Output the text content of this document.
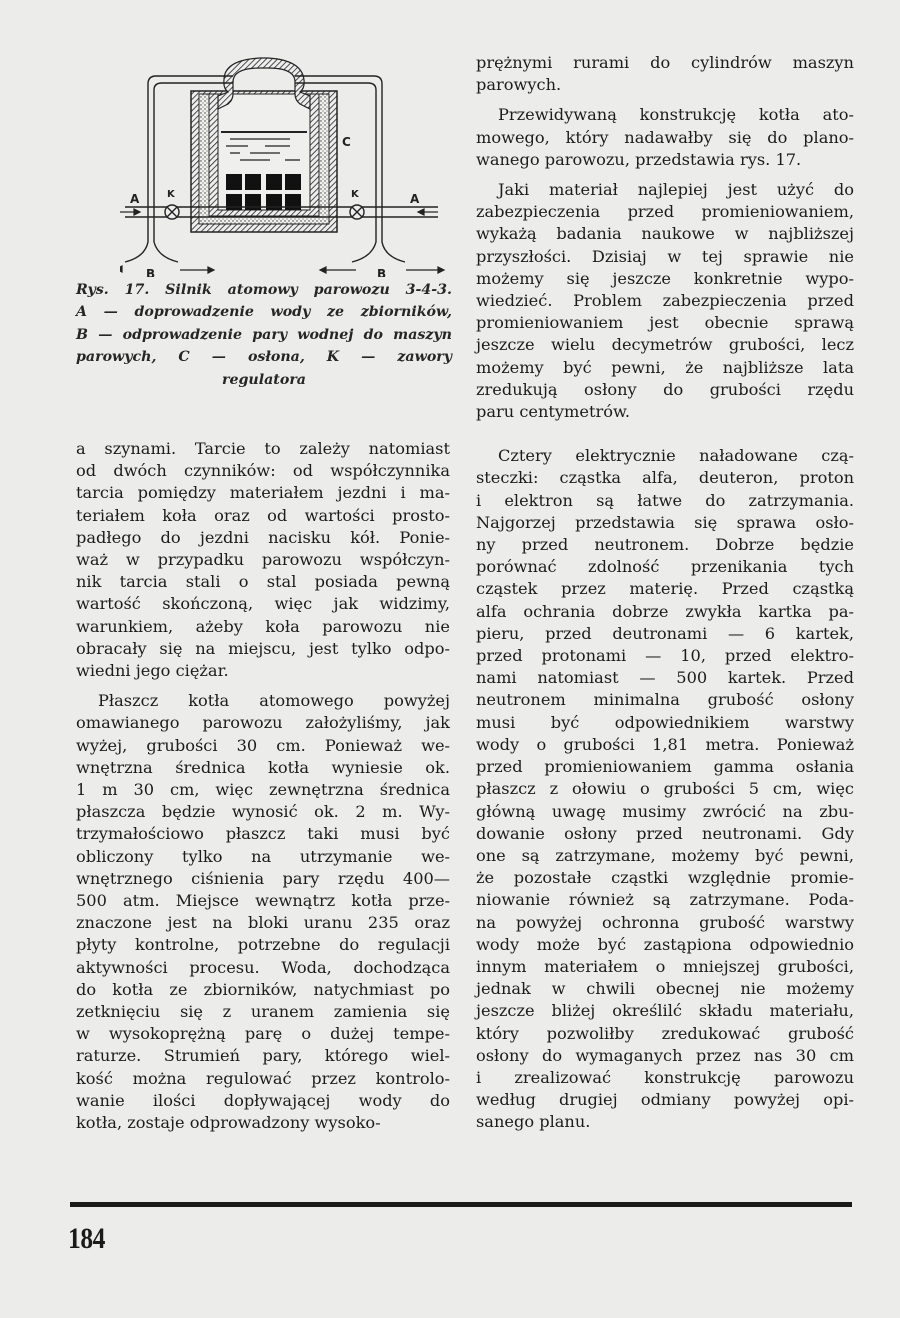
A	K	K	A
C
B	B
Rys. 17. Silnik atomowy parowozu 3-4-3.
A — doprowadzenie wody ze zbiorników,
B — odprowadzenie pary wodnej do maszyn
parowych, C — osłona, K — zawory
regulatora
a szynami. Tarcie to zależy natomiast
od dwóch czynników: od współczynnika
tarcia pomiędzy materiałem jezdni i ma-
teriałem koła oraz od wartości prosto-
padłego do jezdni nacisku kół. Ponie-
waż w przypadku parowozu współczyn-
nik tarcia stali o stal posiada pewną
wartość skończoną, więc jak widzimy,
warunkiem, ażeby koła parowozu nie
obracały się na miejscu, jest tylko odpo-
wiedni jego ciężar.
Płaszcz kotła atomowego powyżej
omawianego parowozu założyliśmy, jak
wyżej, grubości 30 cm. Ponieważ we-
wnętrzna średnica kotła wyniesie ok.
1 m 30 cm, więc zewnętrzna średnica
płaszcza będzie wynosić ok. 2 m. Wy-
trzymałościowo płaszcz taki musi być
obliczony tylko na utrzymanie we-
wnętrznego ciśnienia pary rzędu 400—
500 atm. Miejsce wewnątrz kotła prze-
znaczone jest na bloki uranu 235 oraz
płyty kontrolne, potrzebne do regulacji
aktywności procesu. Woda, dochodząca
do kotła ze zbiorników, natychmiast po
zetknięciu się z uranem zamienia się
w wysokoprężną parę o dużej tempe-
raturze. Strumień pary, którego wiel-
kość można regulować przez kontrolo-
wanie ilości dopływającej wody do
kotła, zostaje odprowadzony wysoko-
prężnymi rurami do cylindrów maszyn
parowych.
Przewidywaną konstrukcję kotła ato-
mowego, który nadawałby się do plano-
wanego parowozu, przedstawia rys. 17.
Jaki materiał najlepiej jest użyć do
zabezpieczenia przed promieniowaniem,
wykażą badania naukowe w najbliższej
przyszłości. Dzisiaj w tej sprawie nie
możemy się jeszcze konkretnie wypo-
wiedzieć. Problem zabezpieczenia przed
promieniowaniem jest obecnie sprawą
jeszcze wielu decymetrów grubości, lecz
możemy być pewni, że najbliższe lata
zredukują osłony do grubości rzędu
paru centymetrów.
Cztery elektrycznie naładowane czą-
steczki: cząstka alfa, deuteron, proton
i elektron są łatwe do zatrzymania.
Najgorzej przedstawia się sprawa osło-
ny przed neutronem. Dobrze będzie
porównać zdolność przenikania tych
cząstek przez materię. Przed cząstką
alfa ochrania dobrze zwykła kartka pa-
pieru, przed deutronami — 6 kartek,
przed protonami — 10, przed elektro-
nami natomiast — 500 kartek. Przed
neutronem minimalna grubość osłony
musi być odpowiednikiem warstwy
wody o grubości 1,81 metra. Ponieważ
przed promieniowaniem gamma osłania
płaszcz z ołowiu o grubości 5 cm, więc
główną uwagę musimy zwrócić na zbu-
dowanie osłony przed neutronami. Gdy
one są zatrzymane, możemy być pewni,
że pozostałe cząstki względnie promie-
niowanie również są zatrzymane. Poda-
na powyżej ochronna grubość warstwy
wody może być zastąpiona odpowiednio
innym materiałem o mniejszej grubości,
jednak w chwili obecnej nie możemy
jeszcze bliżej określilć składu materiału,
który pozwoliłby zredukować grubość
osłony do wymaganych przez nas 30 cm
i zrealizować konstrukcję parowozu
według drugiej odmiany powyżej opi-
sanego planu.
184
